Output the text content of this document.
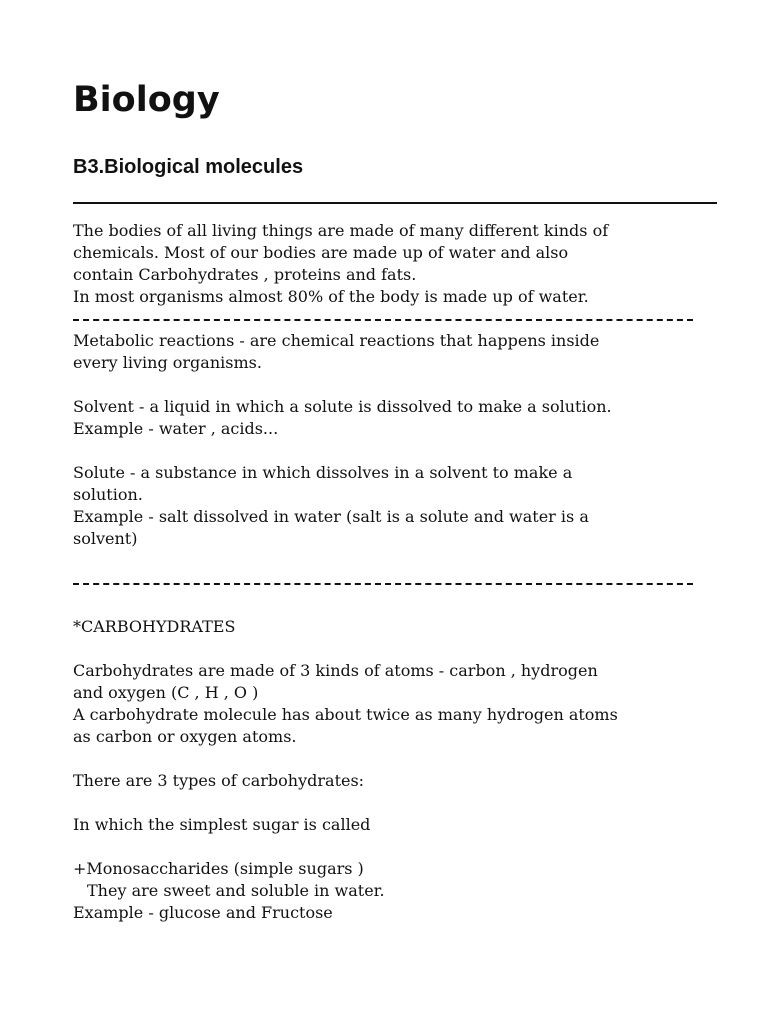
Biology
B3.Biological molecules
The bodies of all living things are made of many different kinds of
chemicals. Most of our bodies are made up of water and also
contain Carbohydrates , proteins and fats.
In most organisms almost 80% of the body is made up of water.
Metabolic reactions - are chemical reactions that happens inside
every living organisms.
Solvent - a liquid in which a solute is dissolved to make a solution.
Example - water , acids...
Solute - a substance in which dissolves in a solvent to make a
solution.
Example - salt dissolved in water (salt is a solute and water is a
solvent)
*CARBOHYDRATES
Carbohydrates are made of 3 kinds of atoms - carbon , hydrogen
and oxygen (C , H , O )
A carbohydrate molecule has about twice as many hydrogen atoms
as carbon or oxygen atoms.
There are 3 types of carbohydrates:
In which the simplest sugar is called
+Monosaccharides (simple sugars )
They are sweet and soluble in water.
Example - glucose and Fructose
